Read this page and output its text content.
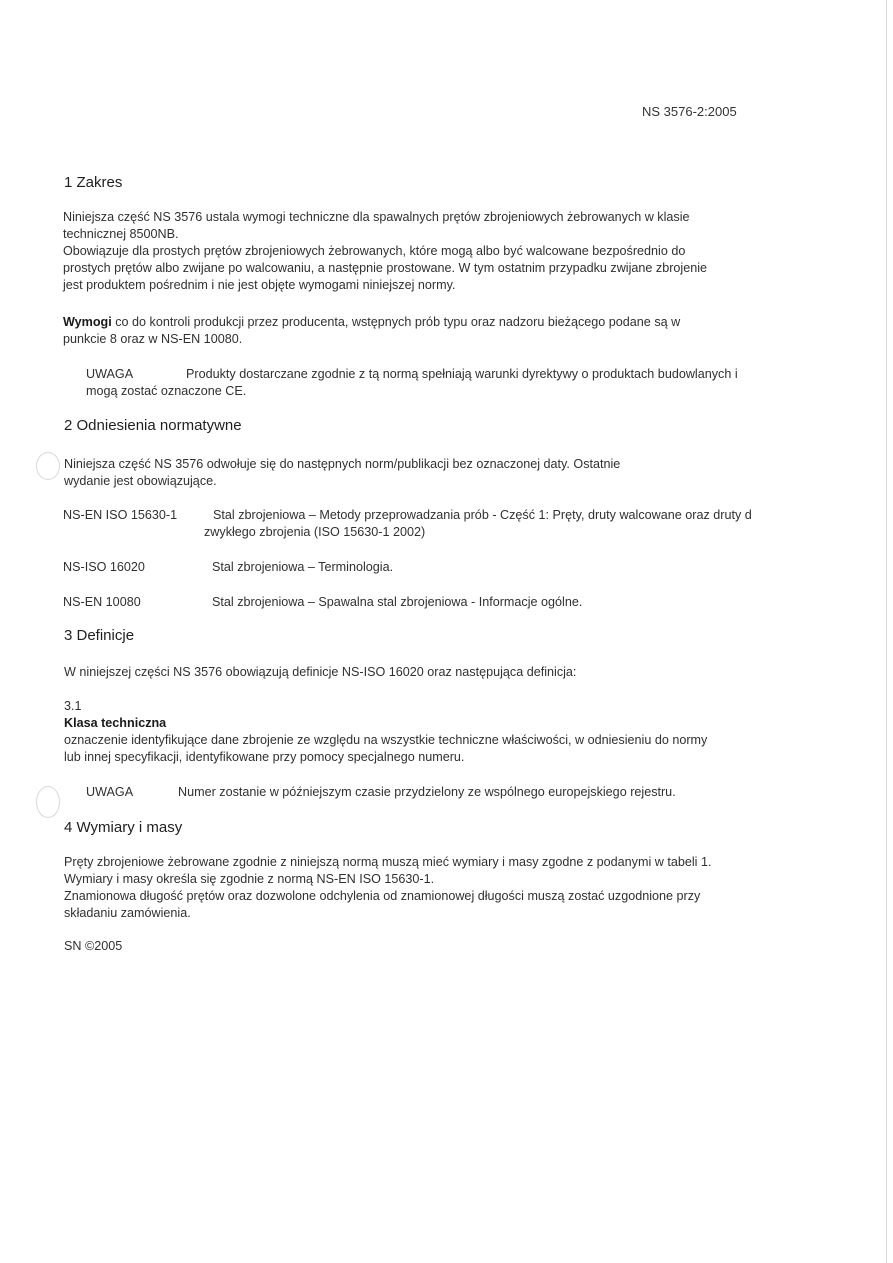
NS 3576-2:2005
1 Zakres
Niniejsza część NS 3576 ustala wymogi techniczne dla spawalnych prętów zbrojeniowych żebrowanych w klasie
technicznej 8500NB.
Obowiązuje dla prostych prętów zbrojeniowych żebrowanych, które mogą albo być walcowane bezpośrednio do
prostych prętów albo zwijane po walcowaniu, a następnie prostowane. W tym ostatnim przypadku zwijane zbrojenie
jest produktem pośrednim i nie jest objęte wymogami niniejszej normy.
Wymogi co do kontroli produkcji przez producenta, wstępnych prób typu oraz nadzoru bieżącego podane są w
punkcie 8 oraz w NS-EN 10080.
UWAGA	Produkty dostarczane zgodnie z tą normą spełniają warunki dyrektywy o produktach budowlanych i
mogą zostać oznaczone CE.
2 Odniesienia normatywne
Niniejsza część NS 3576 odwołuje się do następnych norm/publikacji bez oznaczonej daty. Ostatnie
wydanie jest obowiązujące.
NS-EN ISO 15630-1	Stal zbrojeniowa – Metody przeprowadzania prób - Część 1: Pręty, druty walcowane oraz druty d
zwykłego zbrojenia (ISO 15630-1 2002)
NS-ISO 16020	Stal zbrojeniowa – Terminologia.
NS-EN 10080	Stal zbrojeniowa – Spawalna stal zbrojeniowa - Informacje ogólne.
3 Definicje
W niniejszej części NS 3576 obowiązują definicje NS-ISO 16020 oraz następująca definicja:
3.1
Klasa techniczna
oznaczenie identyfikujące dane zbrojenie ze względu na wszystkie techniczne właściwości, w odniesieniu do normy
lub innej specyfikacji, identyfikowane przy pomocy specjalnego numeru.
UWAGA	Numer zostanie w późniejszym czasie przydzielony ze wspólnego europejskiego rejestru.
4 Wymiary i masy
Pręty zbrojeniowe żebrowane zgodnie z niniejszą normą muszą mieć wymiary i masy zgodne z podanymi w tabeli 1.
Wymiary i masy określa się zgodnie z normą NS-EN ISO 15630-1.
Znamionowa długość prętów oraz dozwolone odchylenia od znamionowej długości muszą zostać uzgodnione przy
składaniu zamówienia.
SN ©2005
